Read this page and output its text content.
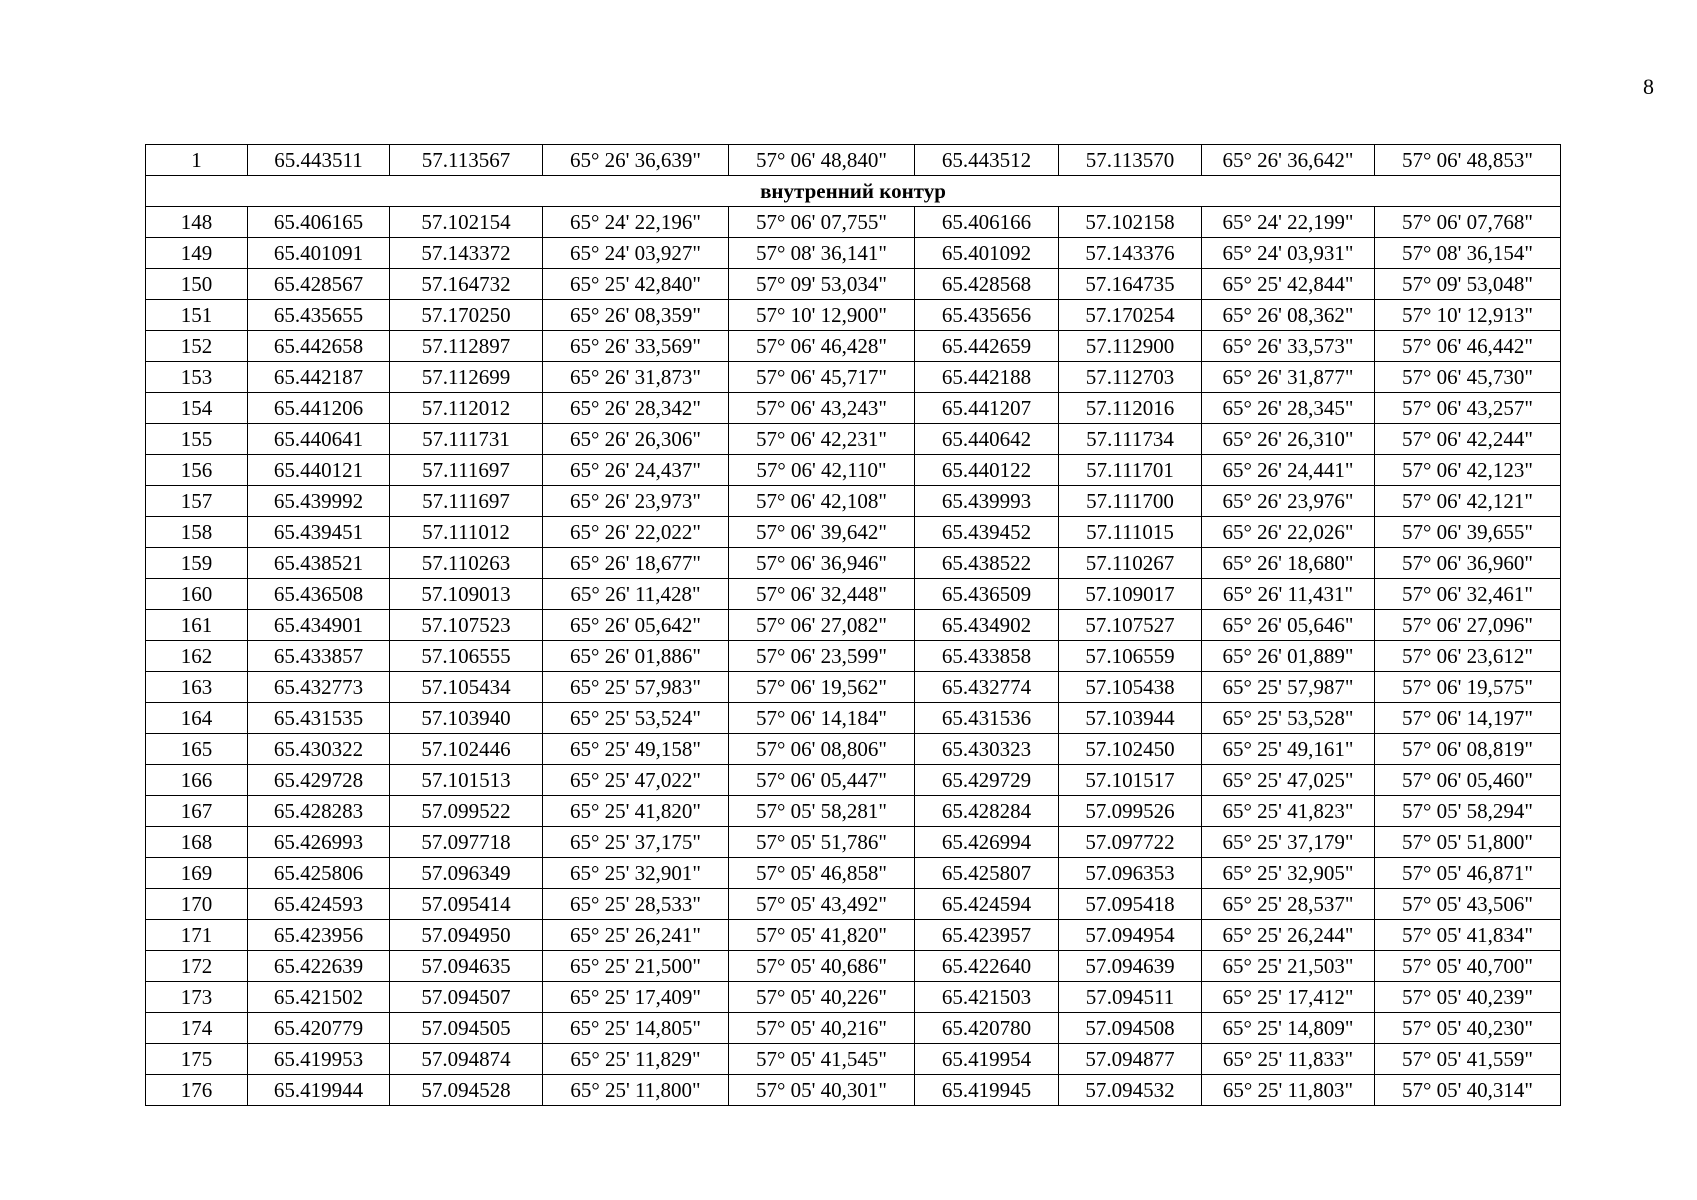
8
1	65.443511	57.113567	65° 26' 36,639"	57° 06' 48,840"	65.443512	57.113570	65° 26' 36,642"	57° 06' 48,853"
внутренний контур								
148	65.406165	57.102154	65° 24' 22,196"	57° 06' 07,755"	65.406166	57.102158	65° 24' 22,199"	57° 06' 07,768"
149	65.401091	57.143372	65° 24' 03,927"	57° 08' 36,141"	65.401092	57.143376	65° 24' 03,931"	57° 08' 36,154"
150	65.428567	57.164732	65° 25' 42,840"	57° 09' 53,034"	65.428568	57.164735	65° 25' 42,844"	57° 09' 53,048"
151	65.435655	57.170250	65° 26' 08,359"	57° 10' 12,900"	65.435656	57.170254	65° 26' 08,362"	57° 10' 12,913"
152	65.442658	57.112897	65° 26' 33,569"	57° 06' 46,428"	65.442659	57.112900	65° 26' 33,573"	57° 06' 46,442"
153	65.442187	57.112699	65° 26' 31,873"	57° 06' 45,717"	65.442188	57.112703	65° 26' 31,877"	57° 06' 45,730"
154	65.441206	57.112012	65° 26' 28,342"	57° 06' 43,243"	65.441207	57.112016	65° 26' 28,345"	57° 06' 43,257"
155	65.440641	57.111731	65° 26' 26,306"	57° 06' 42,231"	65.440642	57.111734	65° 26' 26,310"	57° 06' 42,244"
156	65.440121	57.111697	65° 26' 24,437"	57° 06' 42,110"	65.440122	57.111701	65° 26' 24,441"	57° 06' 42,123"
157	65.439992	57.111697	65° 26' 23,973"	57° 06' 42,108"	65.439993	57.111700	65° 26' 23,976"	57° 06' 42,121"
158	65.439451	57.111012	65° 26' 22,022"	57° 06' 39,642"	65.439452	57.111015	65° 26' 22,026"	57° 06' 39,655"
159	65.438521	57.110263	65° 26' 18,677"	57° 06' 36,946"	65.438522	57.110267	65° 26' 18,680"	57° 06' 36,960"
160	65.436508	57.109013	65° 26' 11,428"	57° 06' 32,448"	65.436509	57.109017	65° 26' 11,431"	57° 06' 32,461"
161	65.434901	57.107523	65° 26' 05,642"	57° 06' 27,082"	65.434902	57.107527	65° 26' 05,646"	57° 06' 27,096"
162	65.433857	57.106555	65° 26' 01,886"	57° 06' 23,599"	65.433858	57.106559	65° 26' 01,889"	57° 06' 23,612"
163	65.432773	57.105434	65° 25' 57,983"	57° 06' 19,562"	65.432774	57.105438	65° 25' 57,987"	57° 06' 19,575"
164	65.431535	57.103940	65° 25' 53,524"	57° 06' 14,184"	65.431536	57.103944	65° 25' 53,528"	57° 06' 14,197"
165	65.430322	57.102446	65° 25' 49,158"	57° 06' 08,806"	65.430323	57.102450	65° 25' 49,161"	57° 06' 08,819"
166	65.429728	57.101513	65° 25' 47,022"	57° 06' 05,447"	65.429729	57.101517	65° 25' 47,025"	57° 06' 05,460"
167	65.428283	57.099522	65° 25' 41,820"	57° 05' 58,281"	65.428284	57.099526	65° 25' 41,823"	57° 05' 58,294"
168	65.426993	57.097718	65° 25' 37,175"	57° 05' 51,786"	65.426994	57.097722	65° 25' 37,179"	57° 05' 51,800"
169	65.425806	57.096349	65° 25' 32,901"	57° 05' 46,858"	65.425807	57.096353	65° 25' 32,905"	57° 05' 46,871"
170	65.424593	57.095414	65° 25' 28,533"	57° 05' 43,492"	65.424594	57.095418	65° 25' 28,537"	57° 05' 43,506"
171	65.423956	57.094950	65° 25' 26,241"	57° 05' 41,820"	65.423957	57.094954	65° 25' 26,244"	57° 05' 41,834"
172	65.422639	57.094635	65° 25' 21,500"	57° 05' 40,686"	65.422640	57.094639	65° 25' 21,503"	57° 05' 40,700"
173	65.421502	57.094507	65° 25' 17,409"	57° 05' 40,226"	65.421503	57.094511	65° 25' 17,412"	57° 05' 40,239"
174	65.420779	57.094505	65° 25' 14,805"	57° 05' 40,216"	65.420780	57.094508	65° 25' 14,809"	57° 05' 40,230"
175	65.419953	57.094874	65° 25' 11,829"	57° 05' 41,545"	65.419954	57.094877	65° 25' 11,833"	57° 05' 41,559"
176	65.419944	57.094528	65° 25' 11,800"	57° 05' 40,301"	65.419945	57.094532	65° 25' 11,803"	57° 05' 40,314"
